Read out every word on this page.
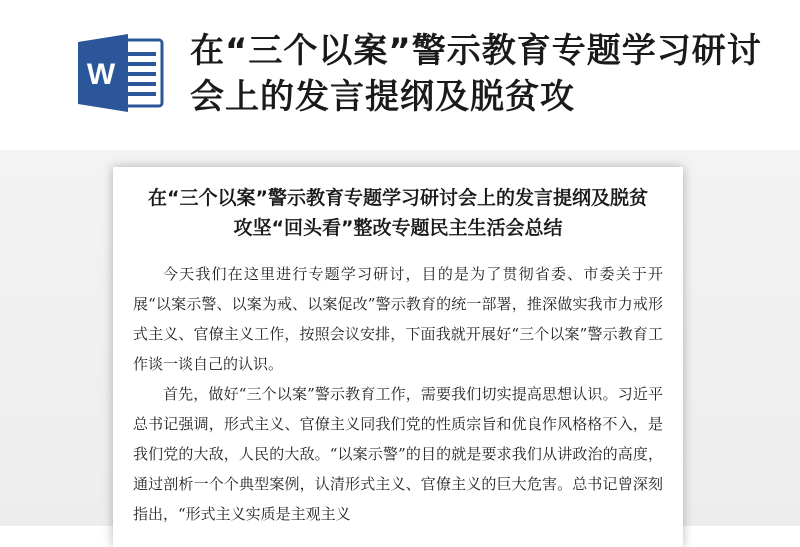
W
在“三个以案”警示教育专题学习研讨会上的发言提纲及脱贫攻
在“三个以案”警示教育专题学习研讨会上的发言提纲及脱贫攻坚“回头看”整改专题民主生活会总结

今天我们在这里进行专题学习研讨，目的是为了贯彻省委、市委关于开展“以案示警、以案为戒、以案促改”警示教育的统一部署，推深做实我市力戒形式主义、官僚主义工作，按照会议安排，下面我就开展好“三个以案”警示教育工作谈一谈自己的认识。

首先，做好“三个以案”警示教育工作，需要我们切实提高思想认识。习近平总书记强调，形式主义、官僚主义同我们党的性质宗旨和优良作风格格不入，是我们党的大敌，人民的大敌。“以案示警”的目的就是要求我们从讲政治的高度，通过剖析一个个典型案例，认清形式主义、官僚主义的巨大危害。总书记曾深刻指出，“形式主义实质是主观主义
